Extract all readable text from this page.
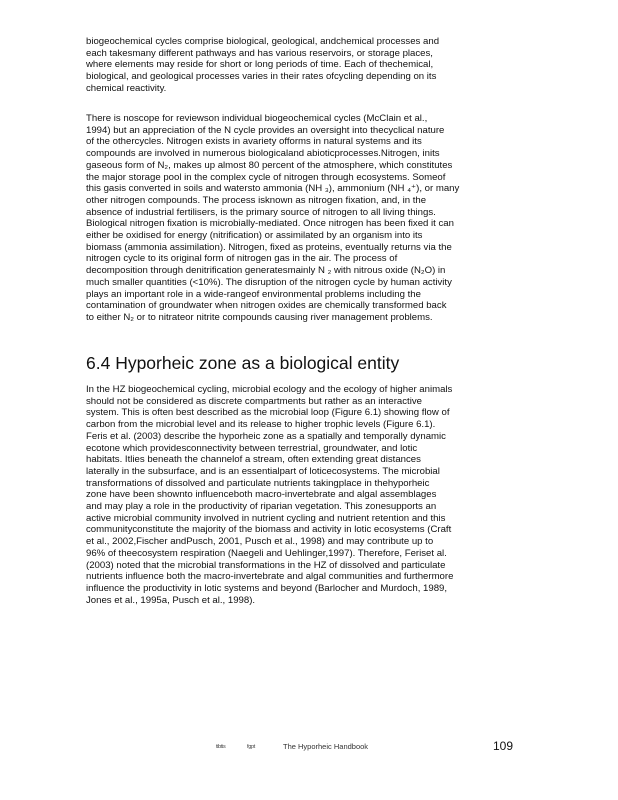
biogeochemical cycles comprise biological, geological, andchemical processes and
each takesmany different pathways and has various reservoirs, or storage places,
where elements may reside for short or long periods of time. Each of thechemical,
biological, and geological processes varies in their rates ofcycling depending on its
chemical reactivity.

There is noscope for reviewson individual biogeochemical cycles (McClain et al.,
1994) but an appreciation of the N cycle provides an oversight into thecyclical nature
of the othercycles. Nitrogen exists in avariety offorms in natural systems and its
compounds are involved in numerous biologicaland abioticprocesses.Nitrogen, inits
gaseous form of N₂, makes up almost 80 percent of the atmosphere, which constitutes
the major storage pool in the complex cycle of nitrogen through ecosystems. Someof
this gasis converted in soils and watersto ammonia (NH ₃), ammonium (NH ₄⁺), or many
other nitrogen compounds. The process isknown as nitrogen fixation, and, in the
absence of industrial fertilisers, is the primary source of nitrogen to all living things.
Biological nitrogen fixation is microbially-mediated. Once nitrogen has been fixed it can
either be oxidised for energy (nitrification) or assimilated by an organism into its
biomass (ammonia assimilation). Nitrogen, fixed as proteins, eventually returns via the
nitrogen cycle to its original form of nitrogen gas in the air. The process of
decomposition through denitrification generatesmainly N ₂ with nitrous oxide (N₂O) in
much smaller quantities (<10%). The disruption of the nitrogen cycle by human activity
plays an important role in a wide-rangeof environmental problems including the
contamination of groundwater when nitrogen oxides are chemically transformed back
to either N₂ or to nitrateor nitrite compounds causing river management problems.

6.4 Hyporheic zone as a biological entity

In the HZ biogeochemical cycling, microbial ecology and the ecology of higher animals
should not be considered as discrete compartments but rather as an interactive
system. This is often best described as the microbial loop (Figure 6.1) showing flow of
carbon from the microbial level and its release to higher trophic levels (Figure 6.1).
Feris et al. (2003) describe the hyporheic zone as a spatially and temporally dynamic
ecotone which providesconnectivity between terrestrial, groundwater, and lotic
habitats. Itlies beneath the channelof a stream, often extending great distances
laterally in the subsurface, and is an essentialpart of loticecosystems. The microbial
transformations of dissolved and particulate nutrients takingplace in thehyporheic
zone have been shownto influenceboth macro-invertebrate and algal assemblages
and may play a role in the productivity of riparian vegetation. This zonesupports an
active microbial community involved in nutrient cycling and nutrient retention and this
communityconstitute the majority of the biomass and activity in lotic ecosystems (Craft
et al., 2002,Fischer andPusch, 2001, Pusch et al., 1998) and may contribute up to
96% of theecosystem respiration (Naegeli and Uehlinger,1997). Therefore, Feriset al.
(2003) noted that the microbial transformations in the HZ of dissolved and particulate
nutrients influence both the macro-invertebrate and algal communities and furthermore
influence the productivity in lotic systems and beyond (Barlocher and Murdoch, 1989,
Jones et al., 1995a, Pusch et al., 1998).

tibtis	fgpt	The Hyporheic Handbook	109
